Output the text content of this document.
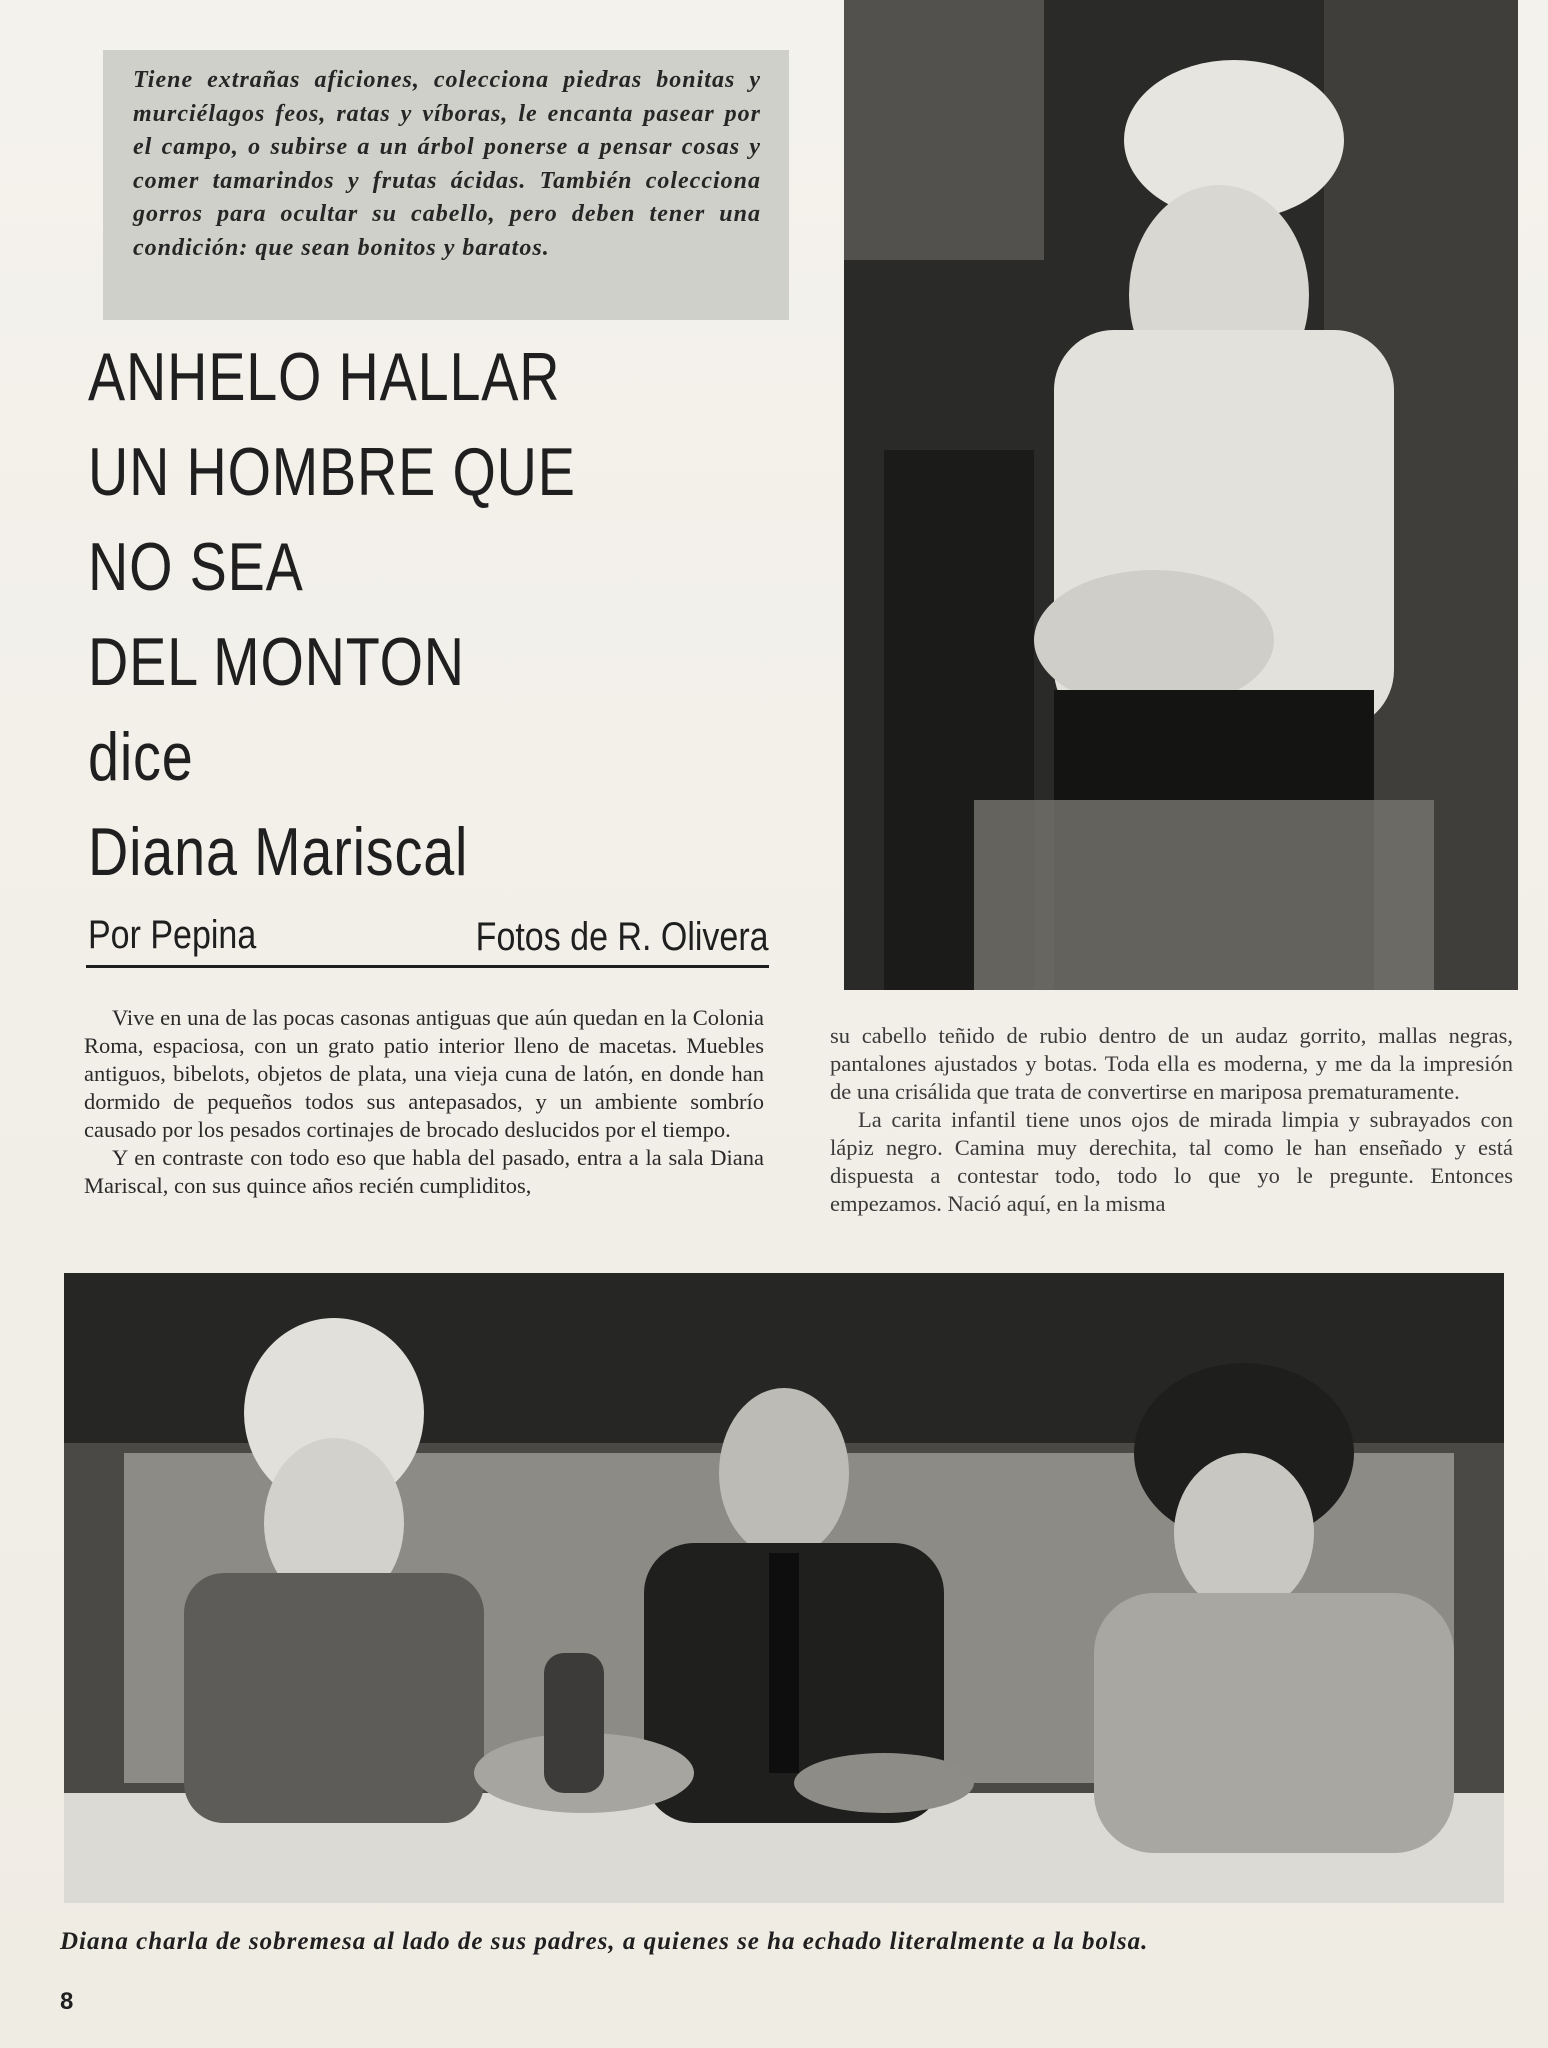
Tiene extrañas aficiones, colecciona piedras bonitas y murciélagos feos, ratas y víboras, le encanta pasear por el campo, o subirse a un árbol ponerse a pensar cosas y comer tamarindos y frutas ácidas. También colecciona gorros para ocultar su cabello, pero deben tener una condición: que sean bonitos y baratos.

ANHELO HALLAR
UN HOMBRE QUE
NO SEA
DEL MONTON
dice
Diana Mariscal
Por Pepina	Fotos de R. Olivera

Vive en una de las pocas casonas antiguas que aún quedan en la Colonia Roma, espaciosa, con un grato patio interior lleno de macetas. Muebles antiguos, bibelots, objetos de plata, una vieja cuna de latón, en donde han dormido de pequeños todos sus antepasados, y un ambiente sombrío causado por los pesados cortinajes de brocado deslucidos por el tiempo.

Y en contraste con todo eso que habla del pasado, entra a la sala Diana Mariscal, con sus quince años recién cumpliditos,

su cabello teñido de rubio dentro de un audaz gorrito, mallas negras, pantalones ajustados y botas. Toda ella es moderna, y me da la impresión de una crisálida que trata de convertirse en mariposa prematuramente.

La carita infantil tiene unos ojos de mirada limpia y subrayados con lápiz negro. Camina muy derechita, tal como le han enseñado y está dispuesta a contestar todo, todo lo que yo le pregunte. Entonces empezamos. Nació aquí, en la misma

Diana charla de sobremesa al lado de sus padres, a quienes se ha echado literalmente a la bolsa.

8
